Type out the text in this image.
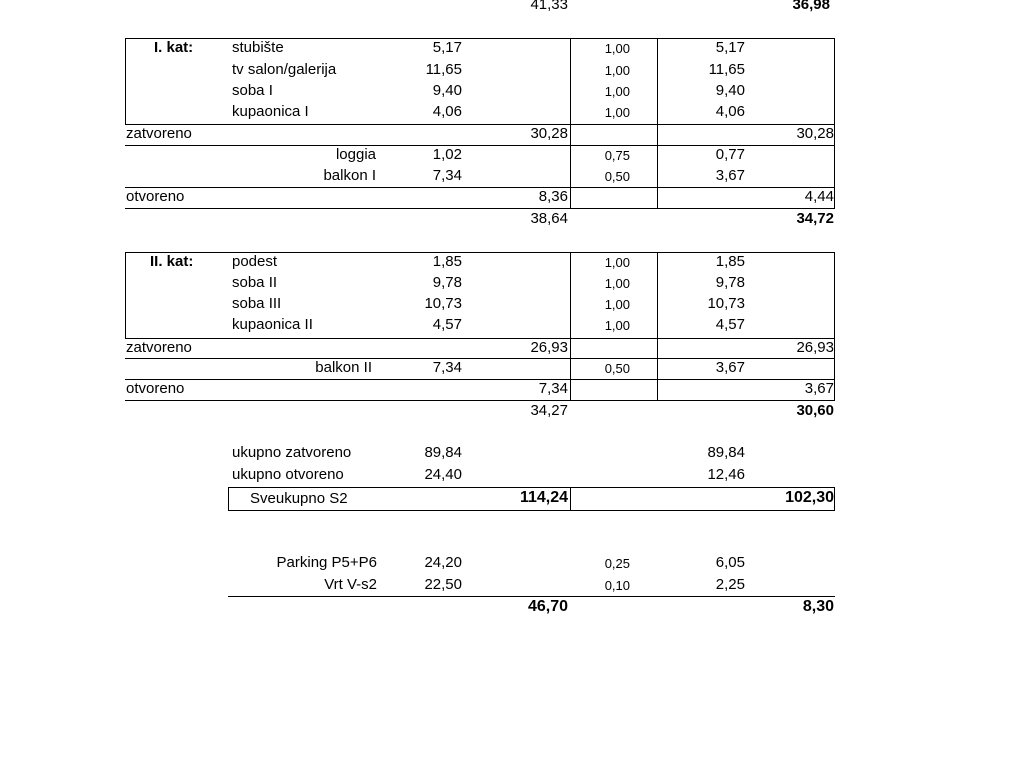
41,33	36,98
I. kat:	stubište	5,17	1,00	5,17
tv salon/galerija	11,65	1,00	11,65
soba I	9,40	1,00	9,40
kupaonica I	4,06	1,00	4,06
zatvoreno	30,28	30,28
loggia	1,02	0,75	0,77
balkon I	7,34	0,50	3,67
otvoreno	8,36	4,44
38,64	34,72
II. kat:	podest	1,85	1,00	1,85
soba II	9,78	1,00	9,78
soba III	10,73	1,00	10,73
kupaonica II	4,57	1,00	4,57
zatvoreno	26,93	26,93
balkon II	7,34	0,50	3,67
otvoreno	7,34	3,67
34,27	30,60
ukupno zatvoreno	89,84	89,84
ukupno otvoreno	24,40	12,46
Sveukupno S2	114,24	102,30
Parking P5+P6	24,20	0,25	6,05
Vrt V-s2	22,50	0,10	2,25
46,70	8,30
